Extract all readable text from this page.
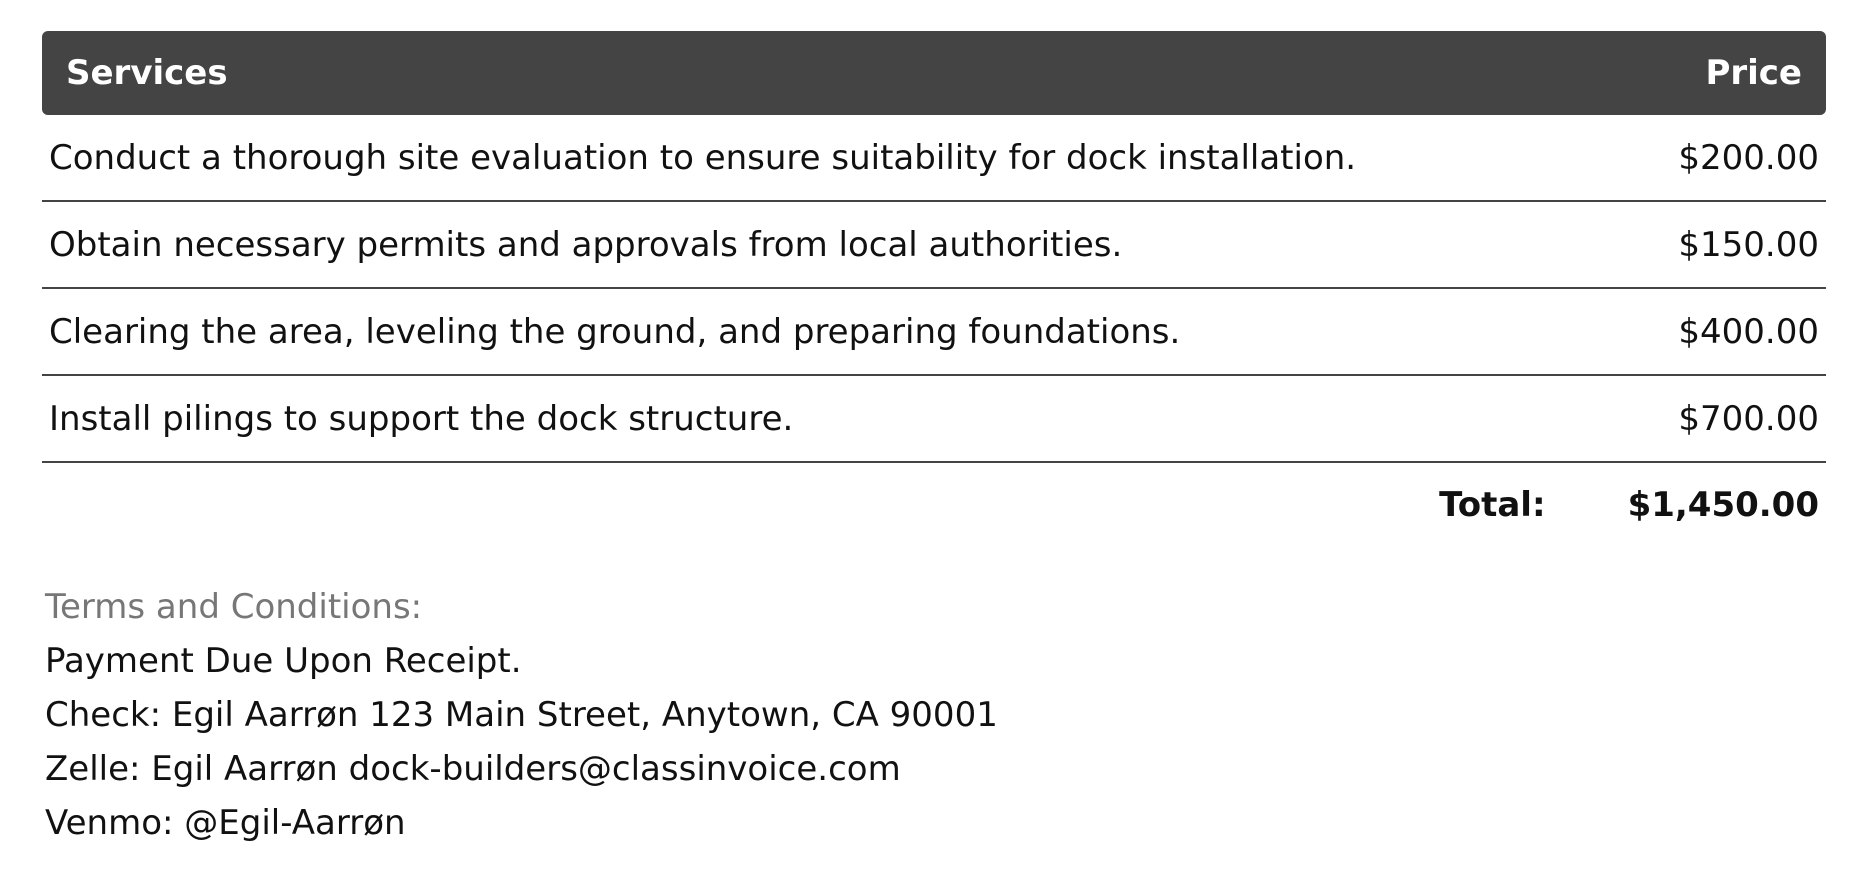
Services	Price
Conduct a thorough site evaluation to ensure suitability for dock installation.	$200.00
Obtain necessary permits and approvals from local authorities.	$150.00
Clearing the area, leveling the ground, and preparing foundations.	$400.00
Install pilings to support the dock structure.	$700.00
Total: $1,450.00
Terms and Conditions:
Payment Due Upon Receipt.
Check: Egil Aarrøn 123 Main Street, Anytown, CA 90001
Zelle: Egil Aarrøn dock-builders@classinvoice.com
Venmo: @Egil-Aarrøn
